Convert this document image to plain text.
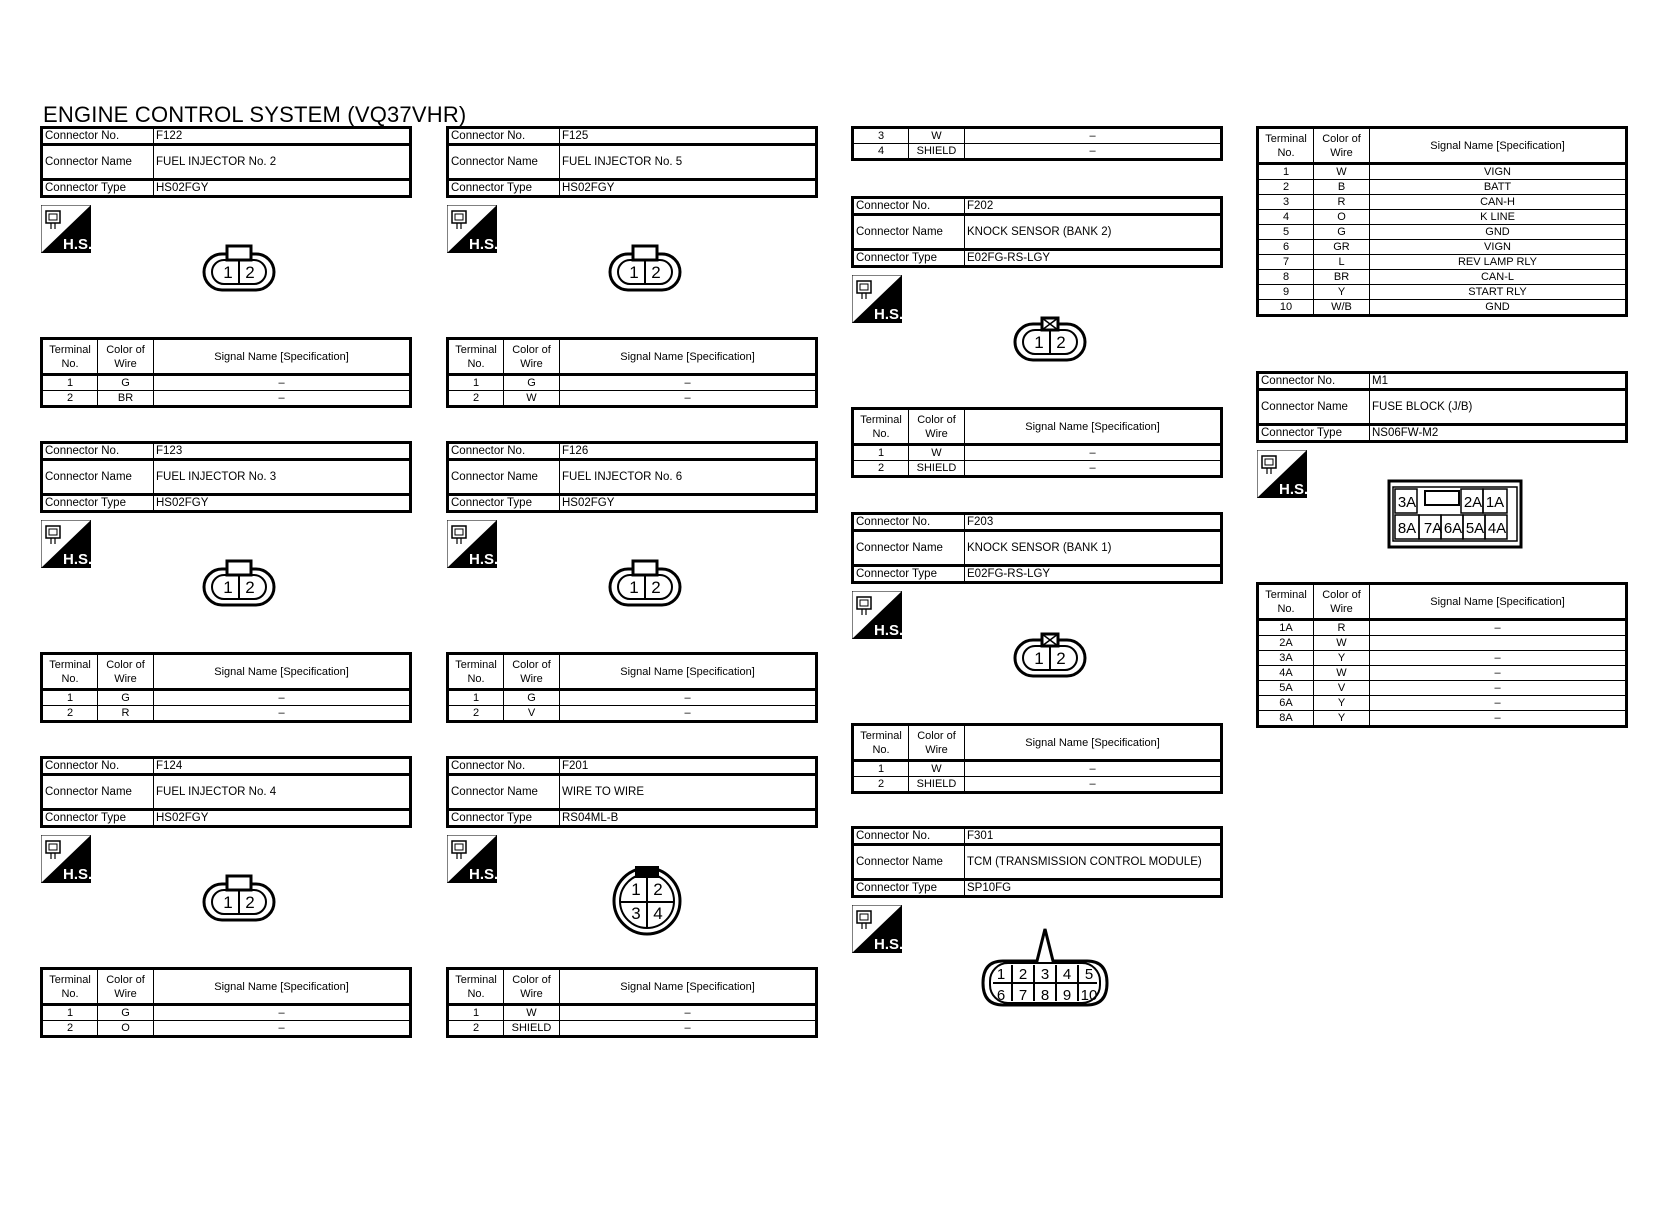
ENGINE CONTROL SYSTEM (VQ37VHR)
Connector No.	F122
Connector Name	FUEL INJECTOR No. 2
Connector Type	HS02FGY
H.S.
1 2
Terminal No.	Color of Wire	Signal Name [Specification]
1	G	–
2	BR	–
Connector No.	F123
Connector Name	FUEL INJECTOR No. 3
Connector Type	HS02FGY
H.S.
1 2
Terminal No.	Color of Wire	Signal Name [Specification]
1	G	–
2	R	–
Connector No.	F124
Connector Name	FUEL INJECTOR No. 4
Connector Type	HS02FGY
H.S.
1 2
Terminal No.	Color of Wire	Signal Name [Specification]
1	G	–
2	O	–
Connector No.	F125
Connector Name	FUEL INJECTOR No. 5
Connector Type	HS02FGY
H.S.
1 2
Terminal No.	Color of Wire	Signal Name [Specification]
1	G	–
2	W	–
Connector No.	F126
Connector Name	FUEL INJECTOR No. 6
Connector Type	HS02FGY
H.S.
1 2
Terminal No.	Color of Wire	Signal Name [Specification]
1	G	–
2	V	–
Connector No.	F201
Connector Name	WIRE TO WIRE
Connector Type	RS04ML-B
H.S.
1 2
3 4
Terminal No.	Color of Wire	Signal Name [Specification]
1	W	–
2	SHIELD	–
3	W	–
4	SHIELD	–
Connector No.	F202
Connector Name	KNOCK SENSOR (BANK 2)
Connector Type	E02FG-RS-LGY
H.S.
1 2
Terminal No.	Color of Wire	Signal Name [Specification]
1	W	–
2	SHIELD	–
Connector No.	F203
Connector Name	KNOCK SENSOR (BANK 1)
Connector Type	E02FG-RS-LGY
H.S.
1 2
Terminal No.	Color of Wire	Signal Name [Specification]
1	W	–
2	SHIELD	–
Connector No.	F301
Connector Name	TCM (TRANSMISSION CONTROL MODULE)
Connector Type	SP10FG
H.S.
1 2 3 4 5
6 7 8 9 10
Terminal No.	Color of Wire	Signal Name [Specification]
1	W	VIGN
2	B	BATT
3	R	CAN-H
4	O	K LINE
5	G	GND
6	GR	VIGN
7	L	REV LAMP RLY
8	BR	CAN-L
9	Y	START RLY
10	W/B	GND
Connector No.	M1
Connector Name	FUSE BLOCK (J/B)
Connector Type	NS06FW-M2
H.S.
3A	2A 1A
8A 7A 6A 5A 4A
Terminal No.	Color of Wire	Signal Name [Specification]
1A	R	–
2A	W	
3A	Y	–
4A	W	–
5A	V	–
6A	Y	–
8A	Y	–
